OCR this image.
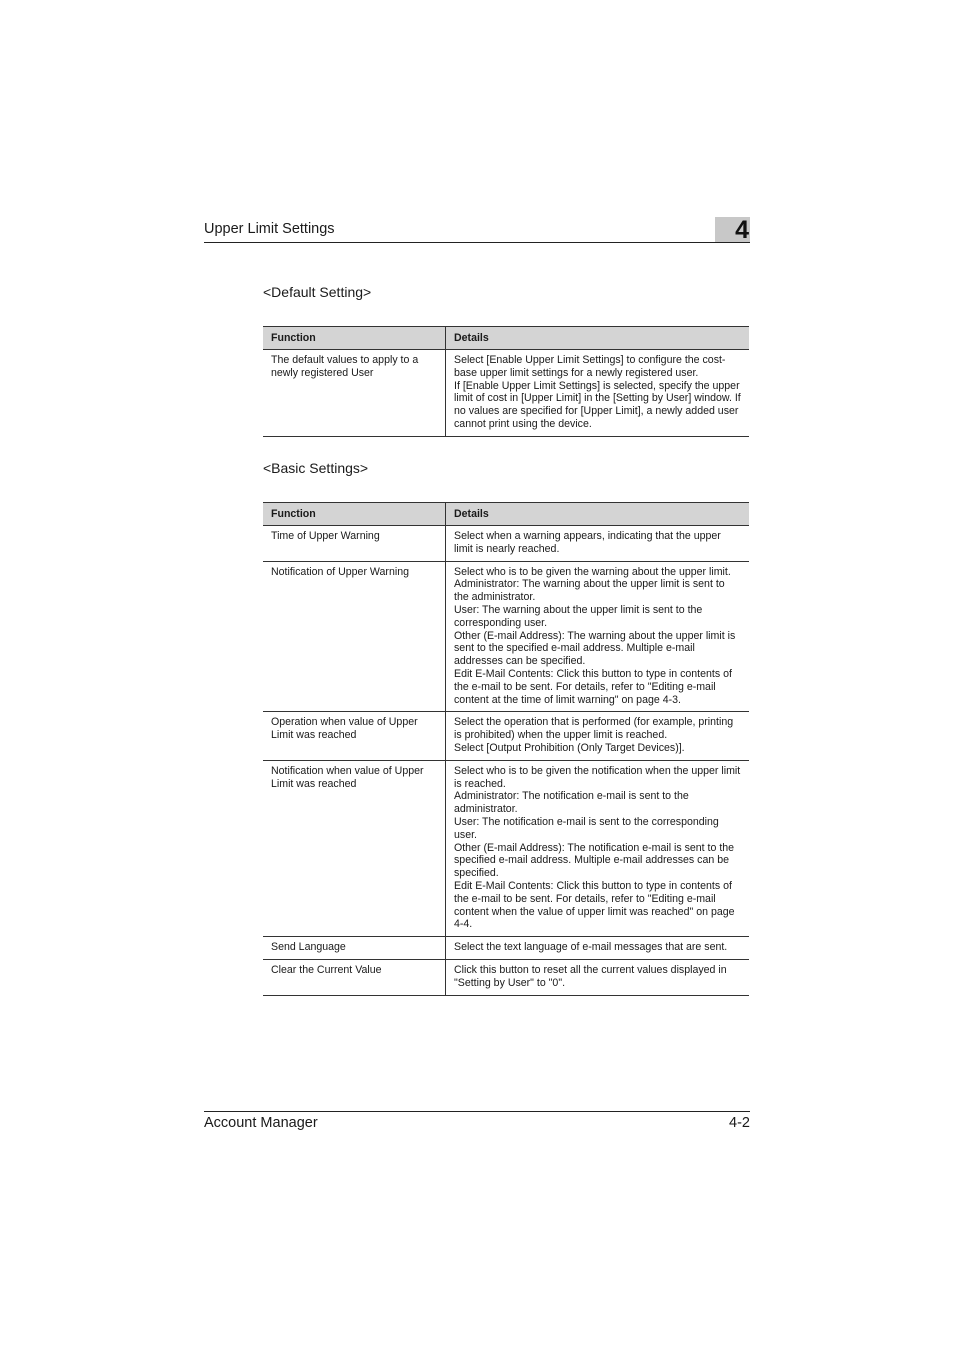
Upper Limit Settings	4
<Default Setting>
Function	Details
The default values to apply to a newly registered User	Select [Enable Upper Limit Settings] to configure the cost-base upper limit settings for a newly registered user.
If [Enable Upper Limit Settings] is selected, specify the upper limit of cost in [Upper Limit] in the [Setting by User] window. If no values are specified for [Upper Limit], a newly added user cannot print using the device.
<Basic Settings>
Function	Details
Time of Upper Warning	Select when a warning appears, indicating that the upper limit is nearly reached.
Notification of Upper Warning	Select who is to be given the warning about the upper limit.
Administrator: The warning about the upper limit is sent to the administrator.
User: The warning about the upper limit is sent to the corresponding user.
Other (E-mail Address): The warning about the upper limit is sent to the specified e-mail address. Multiple e-mail addresses can be specified.
Edit E-Mail Contents: Click this button to type in contents of the e-mail to be sent. For details, refer to "Editing e-mail content at the time of limit warning" on page 4-3.
Operation when value of Upper Limit was reached	Select the operation that is performed (for example, printing is prohibited) when the upper limit is reached.
Select [Output Prohibition (Only Target Devices)].
Notification when value of Upper Limit was reached	Select who is to be given the notification when the upper limit is reached.
Administrator: The notification e-mail is sent to the administrator.
User: The notification e-mail is sent to the corresponding user.
Other (E-mail Address): The notification e-mail is sent to the specified e-mail address. Multiple e-mail addresses can be specified.
Edit E-Mail Contents: Click this button to type in contents of the e-mail to be sent. For details, refer to "Editing e-mail content when the value of upper limit was reached" on page 4-4.
Send Language	Select the text language of e-mail messages that are sent.
Clear the Current Value	Click this button to reset all the current values displayed in "Setting by User" to "0".
Account Manager	4-2
